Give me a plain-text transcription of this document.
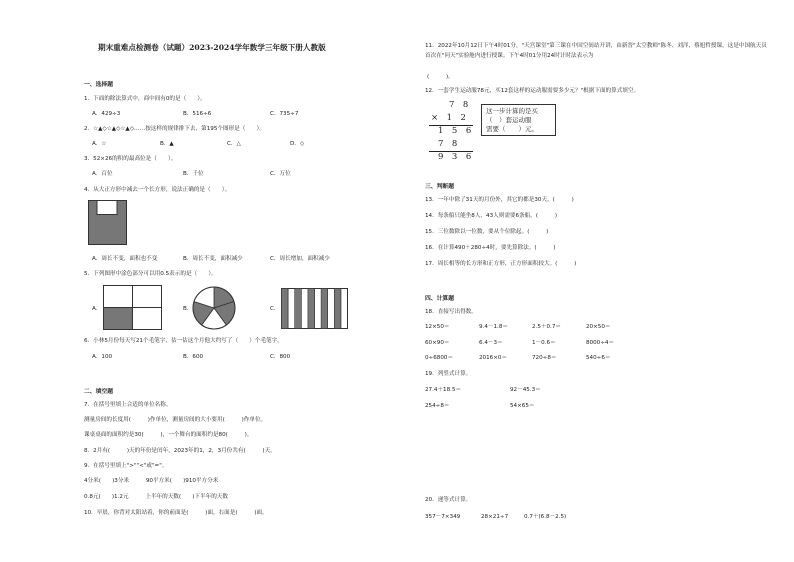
期末重难点检测卷（试题）2023-2024学年数学三年级下册人教版
一、选择题
1．下面的除法算式中，商中间有0的是（　　）。
A．429÷3	B．516÷6	C．735÷7
2．☆▲◇☆▲◇☆▲◇……按这样的规律排下去，第195个图形是（　　）。
A．☆	B．▲	C．△	D．◇
3．52×26的积的最高位是（　　）。
A．百位	B．千位	C．万位
4．从大正方形中减去一个长方形，说法正确的是（　　）。
A．周长不变，面积也不变	B．周长不变，面积减少	C．周长增加，面积减少
5．下列图形中涂色部分可以用0.5表示的是（　　）。
A．	B．	C．
6．小林5月份每天写21个毛笔字，估一估这个月他大约写了（　　）个毛笔字。
A．100	B．600	C．800
二、填空题
7．在括号里填上合适的单位名称。
测量房间的长度用(　　　)作单位，测量房间的大小要用(　　　)作单位。
课桌桌面的面积约是30(　　　)，一个舞台的面积约是80(　　　)。
8．2月有(　　　)天的年份是闰年，2023年的1，2，3月份共有(　　　)天。
9．在括号里填上">""<"或"="。
4分米(　　)3分米　　　90平方米(　　)910平方分米
0.8元(　　)1.2元　　　上半年的天数(　　)下半年的天数
10．早晨，你背对太阳站着，你的前面是(　　　)面，右面是(　　　)面。
11．2022年10月12日下午4时01分，"天宫课堂"第三课在中国空间站开讲，由新晋"太空教师"陈冬、刘洋、蔡旭哲授课，这是中国航天员首次在"问天"实验舱内进行授课。下午4时01分用24时计时法表示为
(　　　)。
12．一套学生运动服78元，买12套这样的运动服需要多少元？"根据下面的算式填空。
7　8
×　1　2
1　5　6
7　8
9　3　6
这一步计算的是买
（　）套运动服
需要（　　）元。
三、判断题
13．一年中除了31天的月份外，其它的都是30天。(　　　)
14．每条船只能坐8人，43人则需要6条船。(　　　)
15．三位数除以一位数，要从个位除起。(　　　)
16．在计算490＋280÷4时，要先算除法。(　　　)
17．周长相等的长方形和正方形，正方形面积较大。(　　　)
四、计算题
18．直接写出得数。
12×50＝	9.4－1.8＝	2.5＋0.7＝	20×50＝
60×90＝	6.4－3＝	1－0.6＝	8000÷4＝
0÷6800＝	2016×0＝	720÷8＝	540÷6＝
19．列竖式计算。
27.4＋18.5＝	92－45.3＝
254÷8＝	54×65＝
20．递等式计算。
357－7×349	28×21÷7	0.7＋(6.8－2.5)
